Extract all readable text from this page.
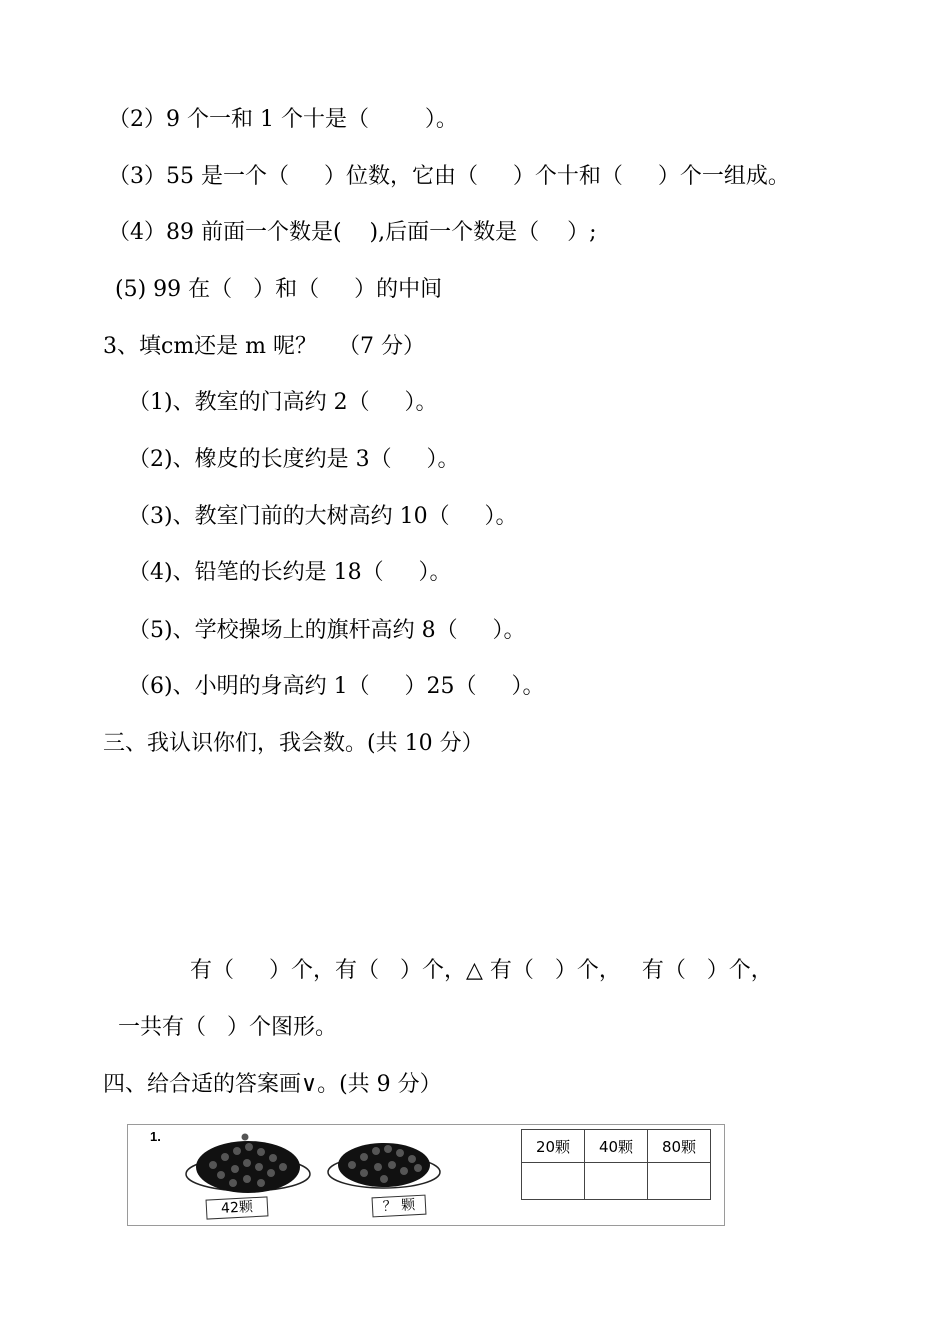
（2）9 个一和 1 个十是（        ）。
（3）55 是一个（     ）位数，它由（     ）个十和（     ）个一组成。
（4）89 前面一个数是(    ),后面一个数是（    ）;
(5) 99 在（   ）和（     ）的中间
3、填cm还是 m 呢？   （7 分）
（1)、教室的门高约 2（     ）。
（2)、橡皮的长度约是 3（     ）。
（3)、教室门前的大树高约 10（     ）。
（4)、铅笔的长约是 18（     ）。
（5)、学校操场上的旗杆高约 8（     ）。
（6)、小明的身高约 1（     ）25（     ）。
三、我认识你们，我会数。(共 10 分）
有（     ）个，有（   ）个，△ 有（   ）个，   有（   ）个，
一共有（   ）个图形。
四、给合适的答案画∨。(共 9 分）
1.
42颗	？ 颗
20颗	40颗	80颗
